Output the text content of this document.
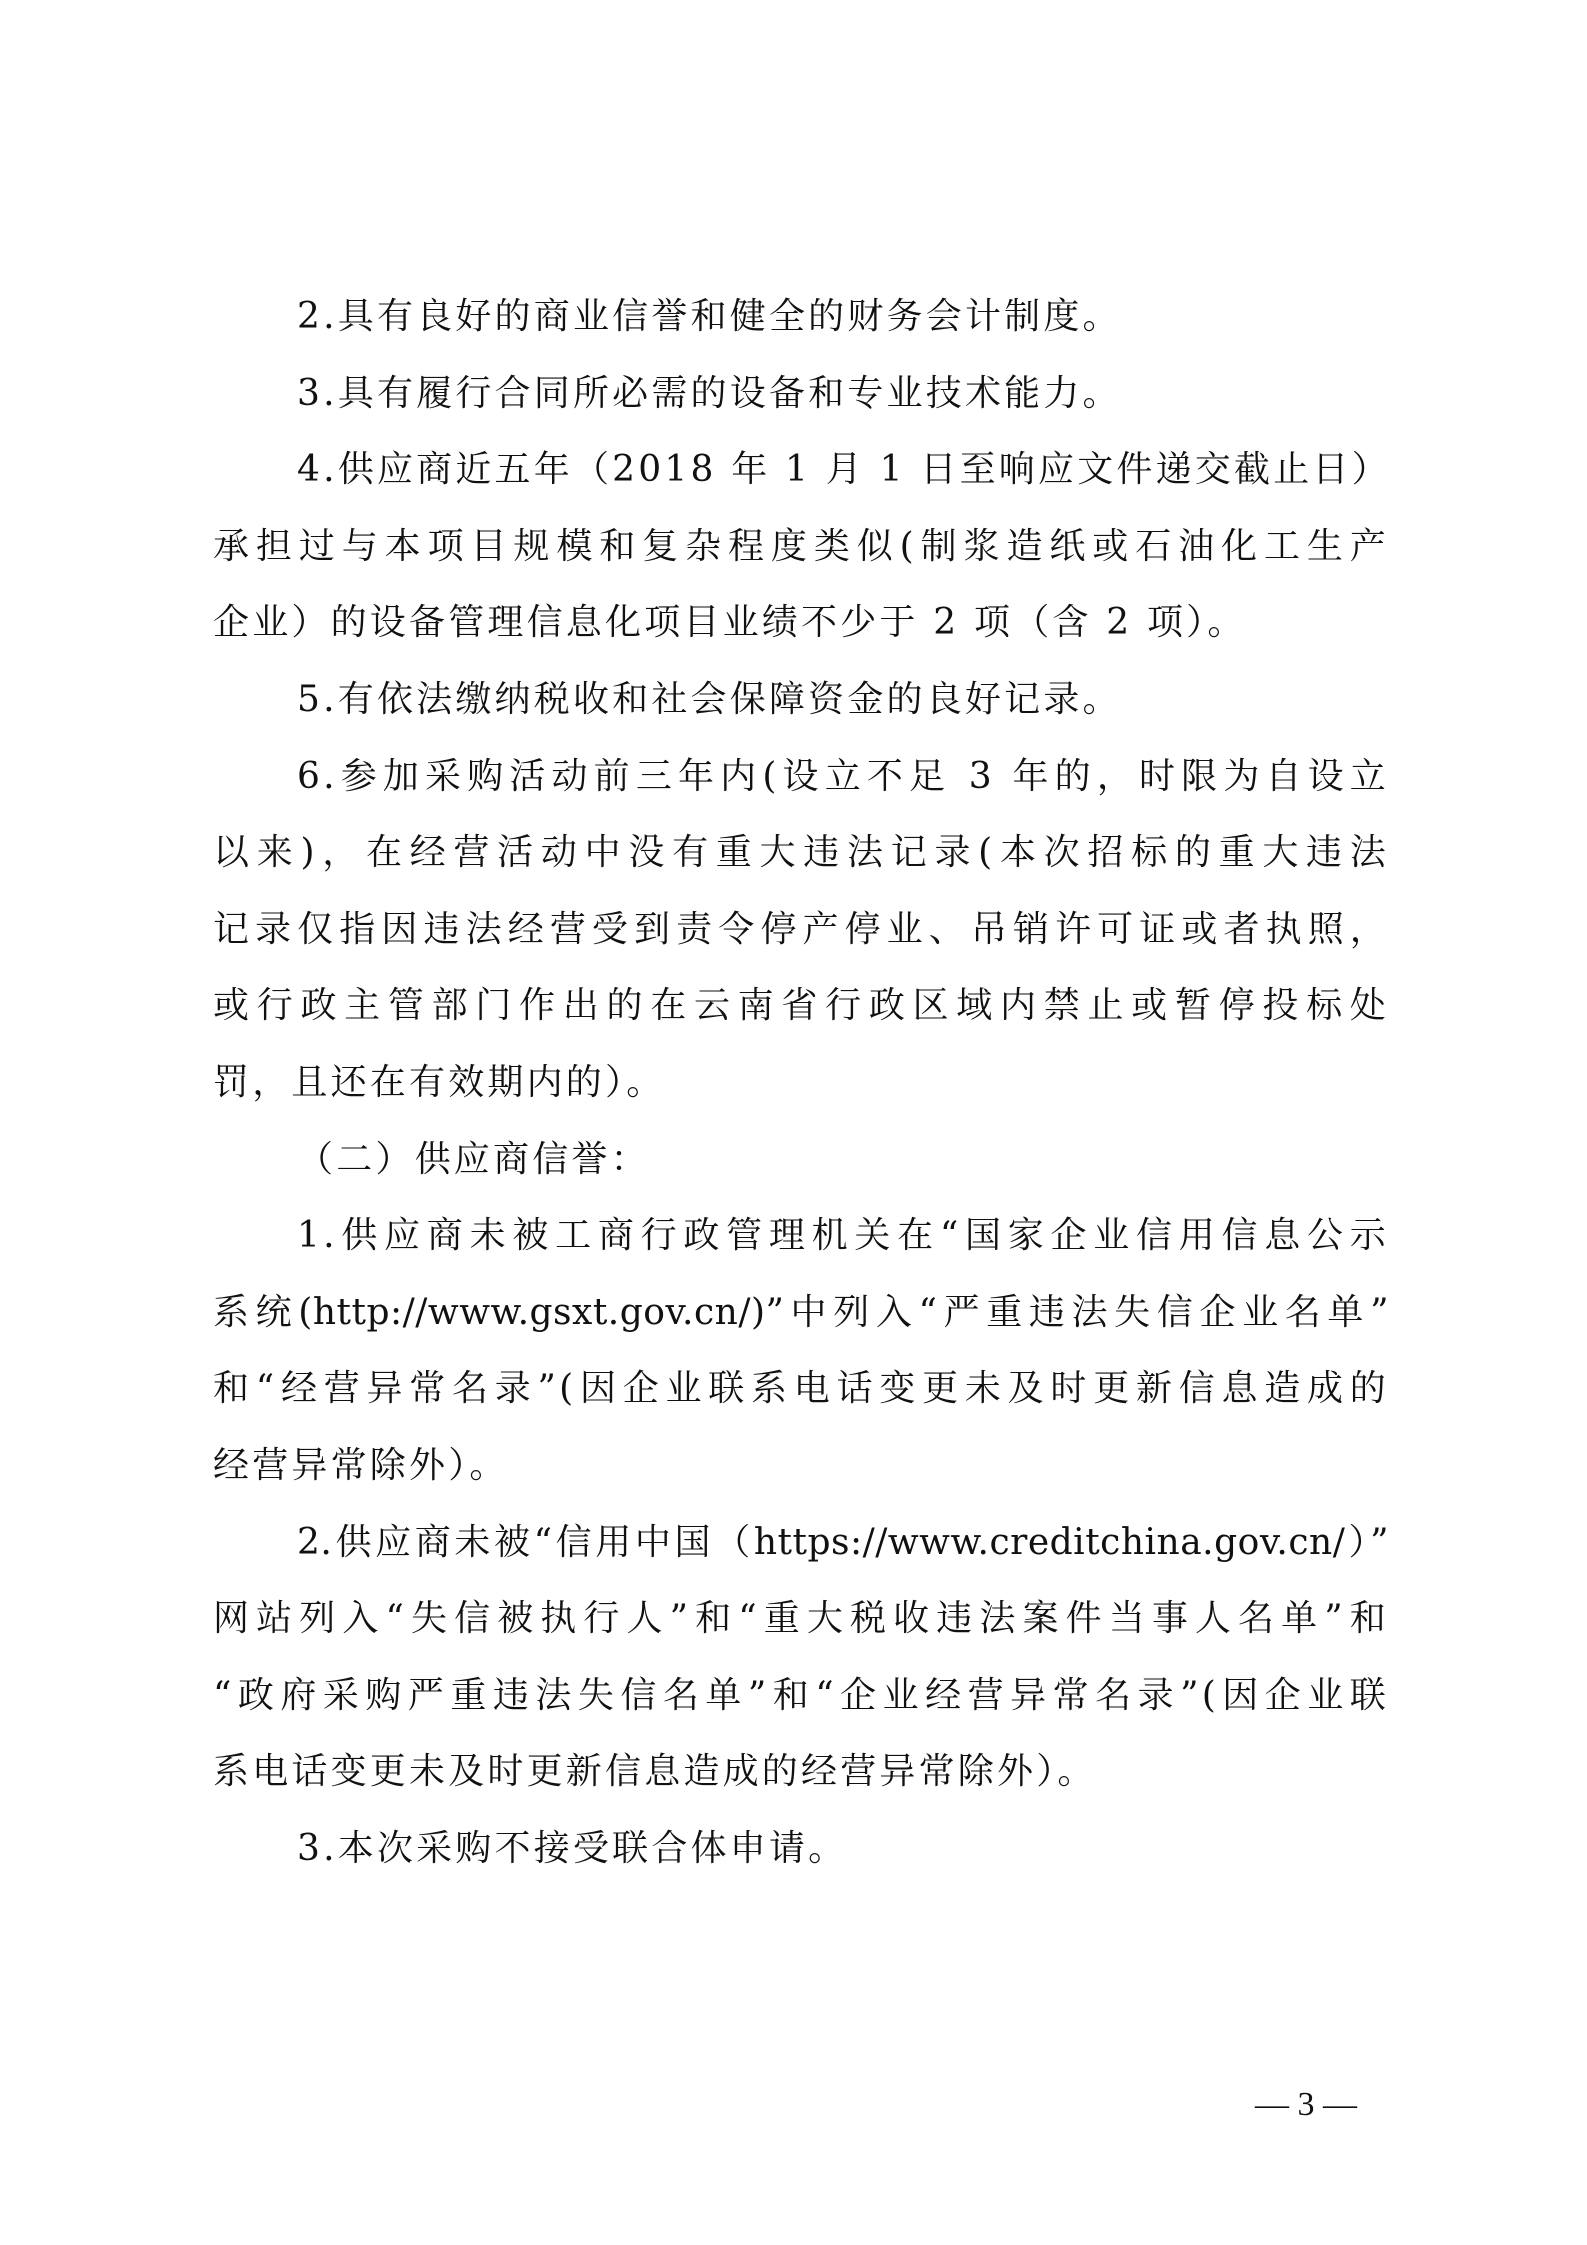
2.具有良好的商业信誉和健全的财务会计制度。
3.具有履行合同所必需的设备和专业技术能力。
4.供应商近五年（2018 年 1 月 1 日至响应文件递交截止日）
承担过与本项目规模和复杂程度类似(制浆造纸或石油化工生产
企业）的设备管理信息化项目业绩不少于 2 项（含 2 项）。
5.有依法缴纳税收和社会保障资金的良好记录。
6.参加采购活动前三年内(设立不足 3 年的，时限为自设立
以来)，在经营活动中没有重大违法记录(本次招标的重大违法
记录仅指因违法经营受到责令停产停业、吊销许可证或者执照，
或行政主管部门作出的在云南省行政区域内禁止或暂停投标处
罚，且还在有效期内的）。
（二）供应商信誉：
1.供应商未被工商行政管理机关在“国家企业信用信息公示
系统(http://www.gsxt.gov.cn/)”中列入“严重违法失信企业名单”
和“经营异常名录”(因企业联系电话变更未及时更新信息造成的
经营异常除外）。
2.供应商未被“信用中国（https://www.creditchina.gov.cn/）”
网站列入“失信被执行人”和“重大税收违法案件当事人名单”和
“政府采购严重违法失信名单”和“企业经营异常名录”(因企业联
系电话变更未及时更新信息造成的经营异常除外）。
3.本次采购不接受联合体申请。
— 3 —
